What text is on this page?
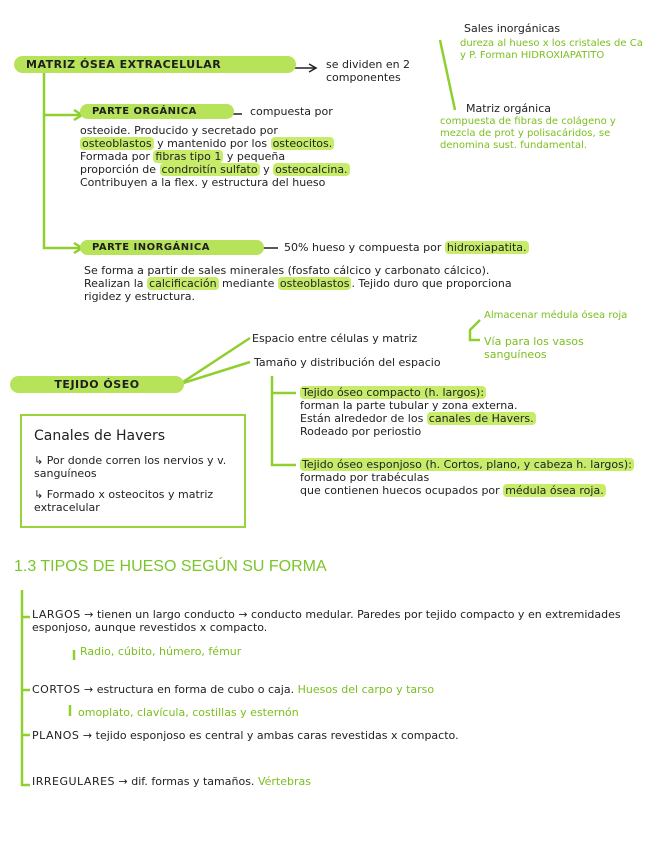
MATRIZ ÓSEA EXTRACELULAR	se dividen en 2 componentes
Sales inorgánicas
dureza al hueso x los cristales de Ca y P. Forman HIDROXIAPATITO
Matriz orgánica
compuesta de fibras de colágeno y mezcla de prot y polisacáridos, se denomina sust. fundamental.
PARTE ORGÁNICA	compuesta por
osteoide. Producido y secretado por
osteoblastos y mantenido por los osteocitos.
Formada por fibras tipo 1 y pequeña
proporción de condroitín sulfato y osteocalcina.
Contribuyen a la flex. y estructura del hueso
PARTE INORGÁNICA	50% hueso y compuesta por hidroxiapatita.
Se forma a partir de sales minerales (fosfato cálcico y carbonato cálcico).
Realizan la calcificación mediante osteoblastos . Tejido duro que proporciona
rigidez y estructura.
TEJIDO ÓSEO
Espacio entre células y matriz
Almacenar médula ósea roja
Vía para los vasos sanguíneos
Tamaño y distribución del espacio
Tejido óseo compacto (h. largos):
forman la parte tubular y zona externa.
Están alrededor de los canales de Havers.
Rodeado por periostio
Tejido óseo esponjoso (h. Cortos, plano, y cabeza h. largos): formado por trabéculas
que contienen huecos ocupados por médula ósea roja.
Canales de Havers
↳ Por donde corren los nervios y v. sanguíneos
↳ Formado x osteocitos y matriz extracelular
1.3 TIPOS DE HUESO SEGÚN SU FORMA
LARGOS → tienen un largo conducto → conducto medular. Paredes por tejido compacto y en extremidades esponjoso, aunque revestidos x compacto.
Radio, cúbito, húmero, fémur
CORTOS → estructura en forma de cubo o caja. Huesos del carpo y tarso
omoplato, clavícula, costillas y esternón
PLANOS → tejido esponjoso es central y ambas caras revestidas x compacto.
IRREGULARES → dif. formas y tamaños. Vértebras
